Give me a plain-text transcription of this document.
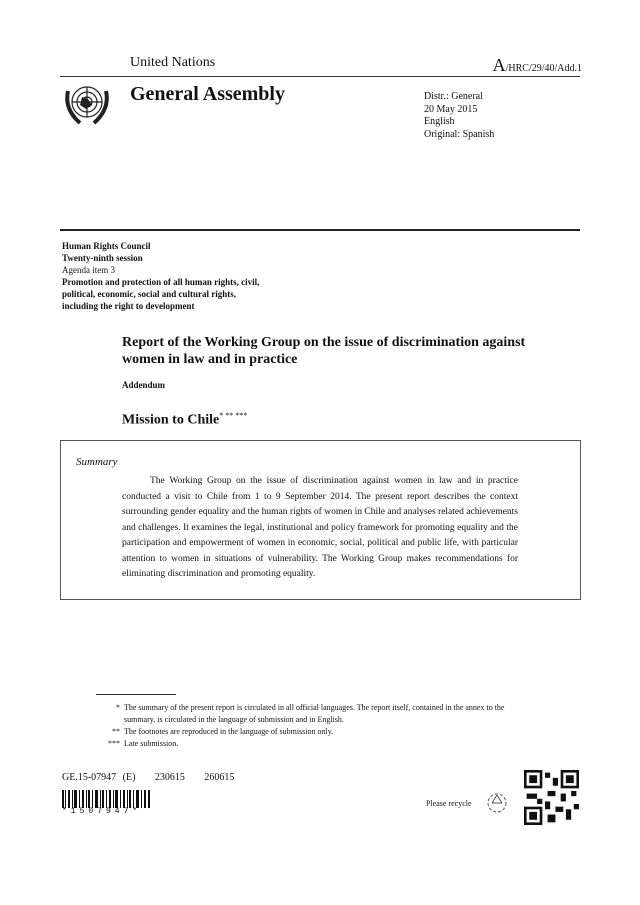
United Nations	A/HRC/29/40/Add.1
General Assembly	Distr.: General
20 May 2015
English
Original: Spanish
Human Rights Council
Twenty-ninth session
Agenda item 3
Promotion and protection of all human rights, civil,
political, economic, social and cultural rights,
including the right to development
Report of the Working Group on the issue of discrimination against women in law and in practice
Addendum
Mission to Chile* ** ***
Summary
The Working Group on the issue of discrimination against women in law and in practice conducted a visit to Chile from 1 to 9 September 2014. The present report describes the context surrounding gender equality and the human rights of women in Chile and analyses related achievements and challenges. It examines the legal, institutional and policy framework for promoting equality and the participation and empowerment of women in economic, social, political and public life, with particular attention to women in situations of vulnerability. The Working Group makes recommendations for eliminating discrimination and promoting equality.
* The summary of the present report is circulated in all official languages. The report itself, contained in the annex to the summary, is circulated in the language of submission and in English.
** The footnotes are reproduced in the language of submission only.
*** Late submission.
GE.15-07947 (E)   230615   260615
*1507947*
Please recycle
